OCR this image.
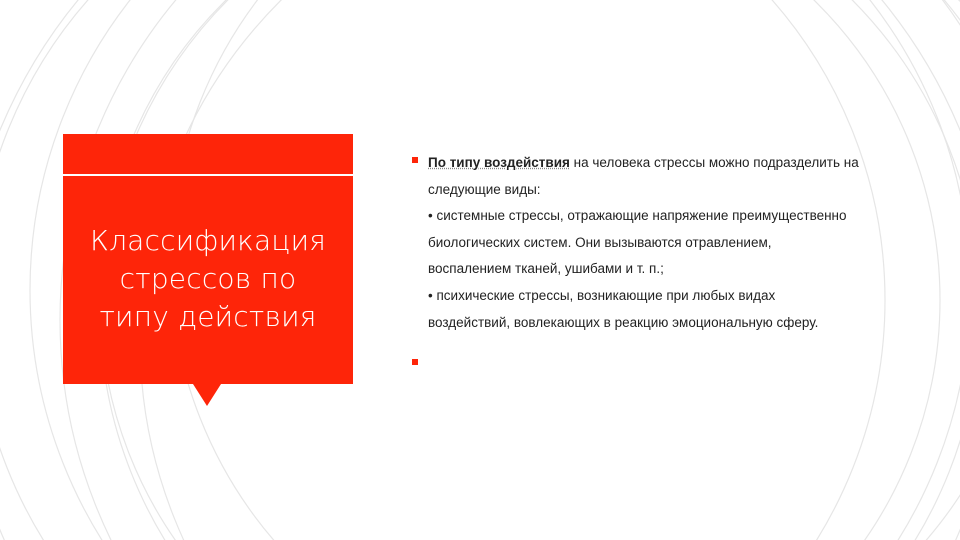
Классификация
стрессов по
типу действия
По типу воздействия на человека стрессы можно подразделить на
следующие виды:
• системные стрессы, отражающие напряжение преимущественно
биологических систем. Они вызываются отравлением,
воспалением тканей, ушибами и т. п.;
• психические стрессы, возникающие при любых видах
воздействий, вовлекающих в реакцию эмоциональную сферу.
